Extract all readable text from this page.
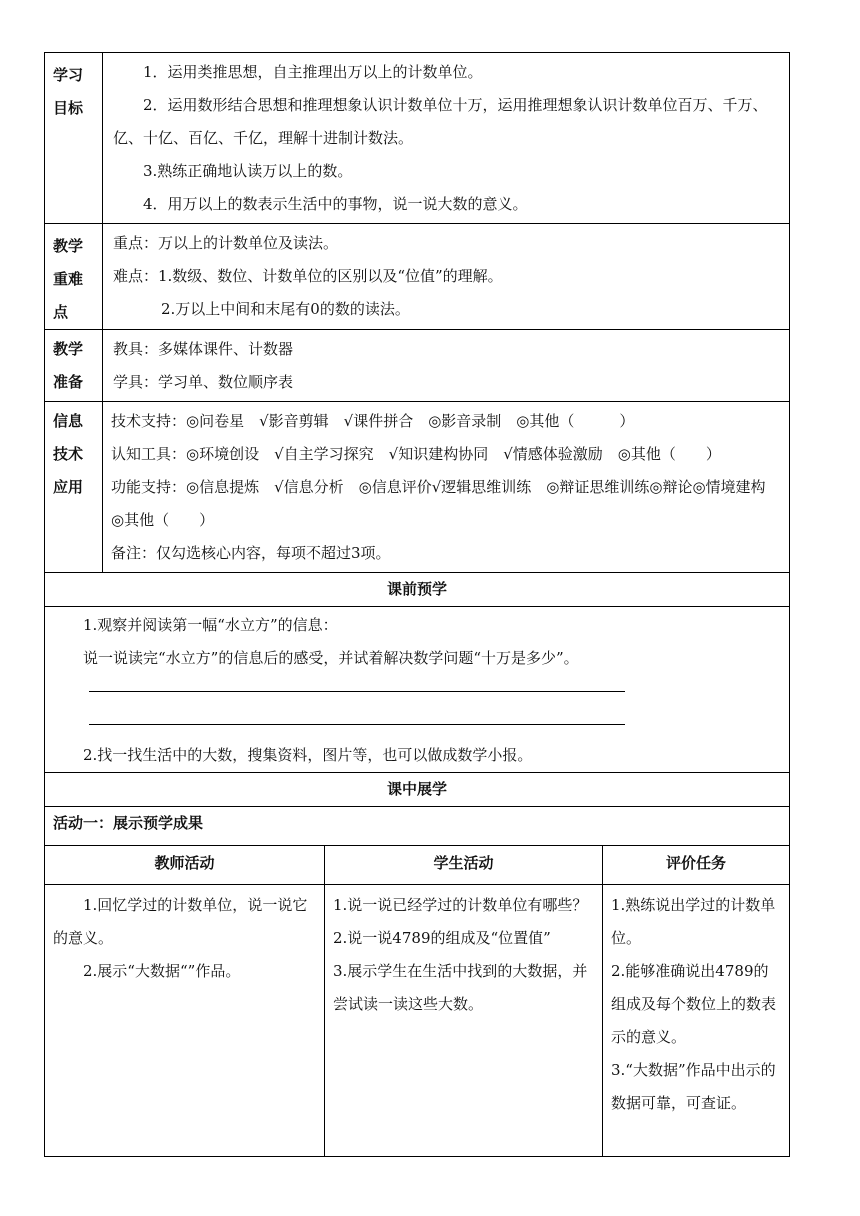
学习
目标

1．运用类推思想，自主推理出万以上的计数单位。

2．运用数形结合思想和推理想象认识计数单位十万，运用推理想象认识计数单位百万、千万、亿、十亿、百亿、千亿，理解十进制计数法。

3.熟练正确地认读万以上的数。

4．用万以上的数表示生活中的事物，说一说大数的意义。

教学
重难
点

重点：万以上的计数单位及读法。

难点：1.数级、数位、计数单位的区别以及“位值”的理解。

2.万以上中间和末尾有0的数的读法。

教学
准备

教具：多媒体课件、计数器

学具：学习单、数位顺序表

信息
技术
应用

技术支持：◎问卷星　√影音剪辑　√课件拼合　◎影音录制　◎其他（　　　）

认知工具：◎环境创设　√自主学习探究　√知识建构协同　√情感体验激励　◎其他（　　）

功能支持：◎信息提炼　√信息分析　◎信息评价√逻辑思维训练　◎辩证思维训练◎辩论◎情境建构　◎其他（　　）

备注：仅勾选核心内容，每项不超过3项。

课前预学

1.观察并阅读第一幅“水立方”的信息：

说一说读完“水立方”的信息后的感受，并试着解决数学问题“十万是多少”。

2.找一找生活中的大数，搜集资料，图片等，也可以做成数学小报。

课中展学
活动一：展示预学成果
教师活动	学生活动	评价任务

1.回忆学过的计数单位，说一说它的意义。

2.展示“大数据“”作品。

1.说一说已经学过的计数单位有哪些？

2.说一说4789的组成及“位置值”

3.展示学生在生活中找到的大数据，并尝试读一读这些大数。

1.熟练说出学过的计数单位。

2.能够准确说出4789的组成及每个数位上的数表示的意义。

3.“大数据”作品中出示的数据可靠，可查证。
